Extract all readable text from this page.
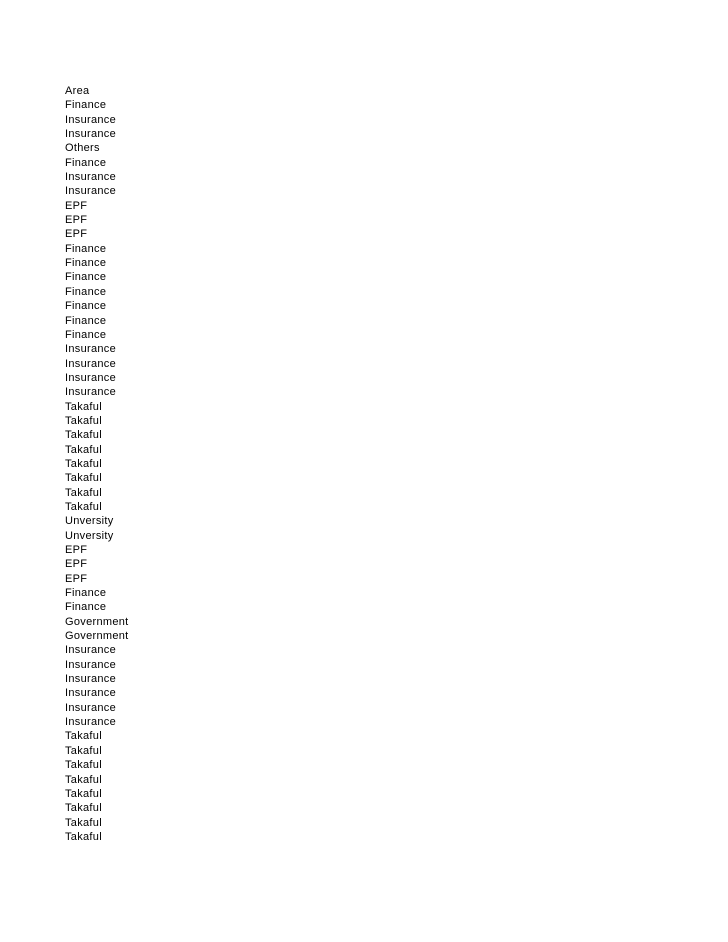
Area
Finance
Insurance
Insurance
Others
Finance
Insurance
Insurance
EPF
EPF
EPF
Finance
Finance
Finance
Finance
Finance
Finance
Finance
Insurance
Insurance
Insurance
Insurance
Takaful
Takaful
Takaful
Takaful
Takaful
Takaful
Takaful
Takaful
Unversity
Unversity
EPF
EPF
EPF
Finance
Finance
Government
Government
Insurance
Insurance
Insurance
Insurance
Insurance
Insurance
Takaful
Takaful
Takaful
Takaful
Takaful
Takaful
Takaful
Takaful
